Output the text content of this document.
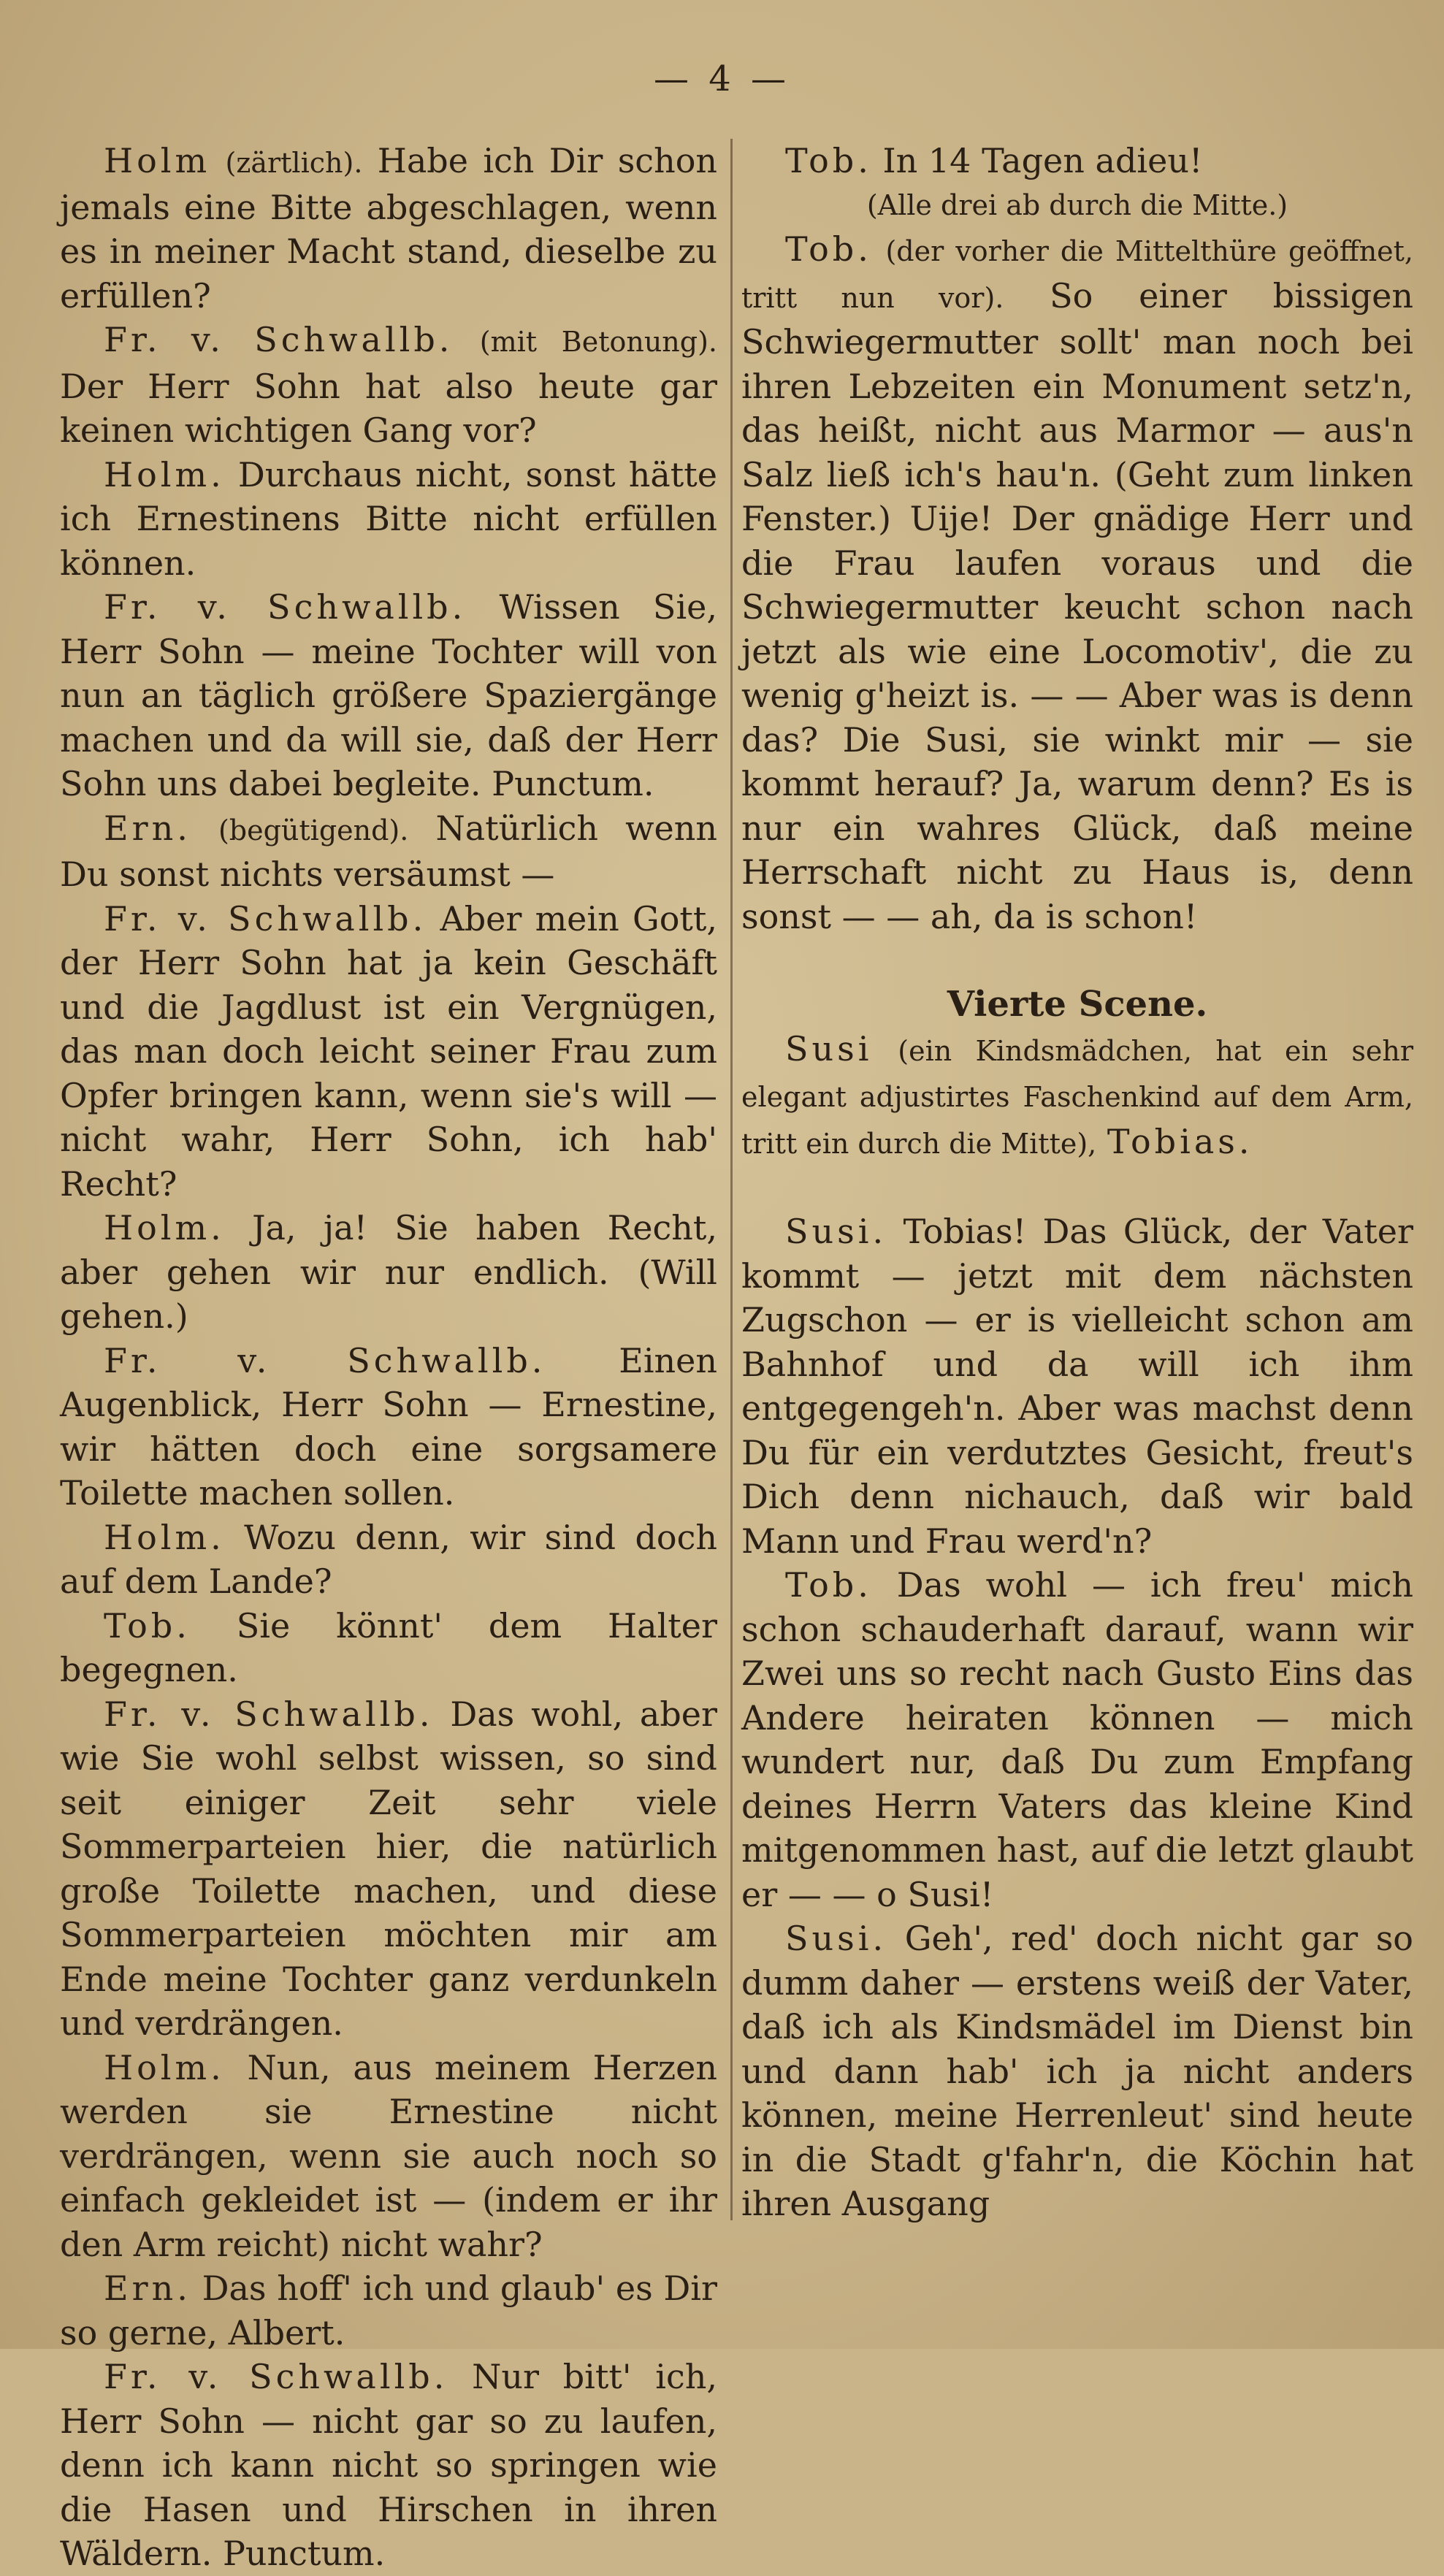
— 4 —

Holm (zärtlich). Habe ich Dir schon jemals eine Bitte abgeschlagen, wenn es in meiner Macht stand, dieselbe zu erfüllen?

Fr. v. Schwallb. (mit Betonung). Der Herr Sohn hat also heute gar keinen wichtigen Gang vor?

Holm. Durchaus nicht, sonst hätte ich Ernestinens Bitte nicht erfüllen können.

Fr. v. Schwallb. Wissen Sie, Herr Sohn — meine Tochter will von nun an täglich größere Spaziergänge machen und da will sie, daß der Herr Sohn uns dabei begleite. Punctum.

Ern. (begütigend). Natürlich wenn Du sonst nichts versäumst —

Fr. v. Schwallb. Aber mein Gott, der Herr Sohn hat ja kein Geschäft und die Jagdlust ist ein Vergnügen, das man doch leicht seiner Frau zum Opfer bringen kann, wenn sie's will — nicht wahr, Herr Sohn, ich hab' Recht?

Holm. Ja, ja! Sie haben Recht, aber gehen wir nur endlich. (Will gehen.)

Fr. v. Schwallb. Einen Augenblick, Herr Sohn — Ernestine, wir hätten doch eine sorgsamere Toilette machen sollen.

Holm. Wozu denn, wir sind doch auf dem Lande?

Tob. Sie könnt' dem Halter begegnen.

Fr. v. Schwallb. Das wohl, aber wie Sie wohl selbst wissen, so sind seit einiger Zeit sehr viele Sommerparteien hier, die natürlich große Toilette machen, und diese Sommerparteien möchten mir am Ende meine Tochter ganz verdunkeln und verdrängen.

Holm. Nun, aus meinem Herzen werden sie Ernestine nicht verdrängen, wenn sie auch noch so einfach gekleidet ist — (indem er ihr den Arm reicht) nicht wahr?

Ern. Das hoff' ich und glaub' es Dir so gerne, Albert.

Fr. v. Schwallb. Nur bitt' ich, Herr Sohn — nicht gar so zu laufen, denn ich kann nicht so springen wie die Hasen und Hirschen in ihren Wäldern. Punctum.

Tob. In 14 Tagen adieu!

(Alle drei ab durch die Mitte.)

Tob. (der vorher die Mittelthüre geöffnet, tritt nun vor). So einer bissigen Schwiegermutter sollt' man noch bei ihren Lebzeiten ein Monument setz'n, das heißt, nicht aus Marmor — aus'n Salz ließ ich's hau'n. (Geht zum linken Fenster.) Uije! Der gnädige Herr und die Frau laufen voraus und die Schwiegermutter keucht schon nach jetzt als wie eine Locomotiv', die zu wenig g'heizt is. — — Aber was is denn das? Die Susi, sie winkt mir — sie kommt herauf? Ja, warum denn? Es is nur ein wahres Glück, daß meine Herrschaft nicht zu Haus is, denn sonst — — ah, da is schon!

Vierte Scene.

Susi (ein Kindsmädchen, hat ein sehr elegant adjustirtes Faschenkind auf dem Arm, tritt ein durch die Mitte), Tobias.

Susi. Tobias! Das Glück, der Vater kommt — jetzt mit dem nächsten Zugschon — er is vielleicht schon am Bahnhof und da will ich ihm entgegengeh'n. Aber was machst denn Du für ein verdutztes Gesicht, freut's Dich denn nichauch, daß wir bald Mann und Frau werd'n?

Tob. Das wohl — ich freu' mich schon schauderhaft darauf, wann wir Zwei uns so recht nach Gusto Eins das Andere heiraten können — mich wundert nur, daß Du zum Empfang deines Herrn Vaters das kleine Kind mitgenommen hast, auf die letzt glaubt er — — o Susi!

Susi. Geh', red' doch nicht gar so dumm daher — erstens weiß der Vater, daß ich als Kindsmädel im Dienst bin und dann hab' ich ja nicht anders können, meine Herrenleut' sind heute in die Stadt g'fahr'n, die Köchin hat ihren Ausgang
